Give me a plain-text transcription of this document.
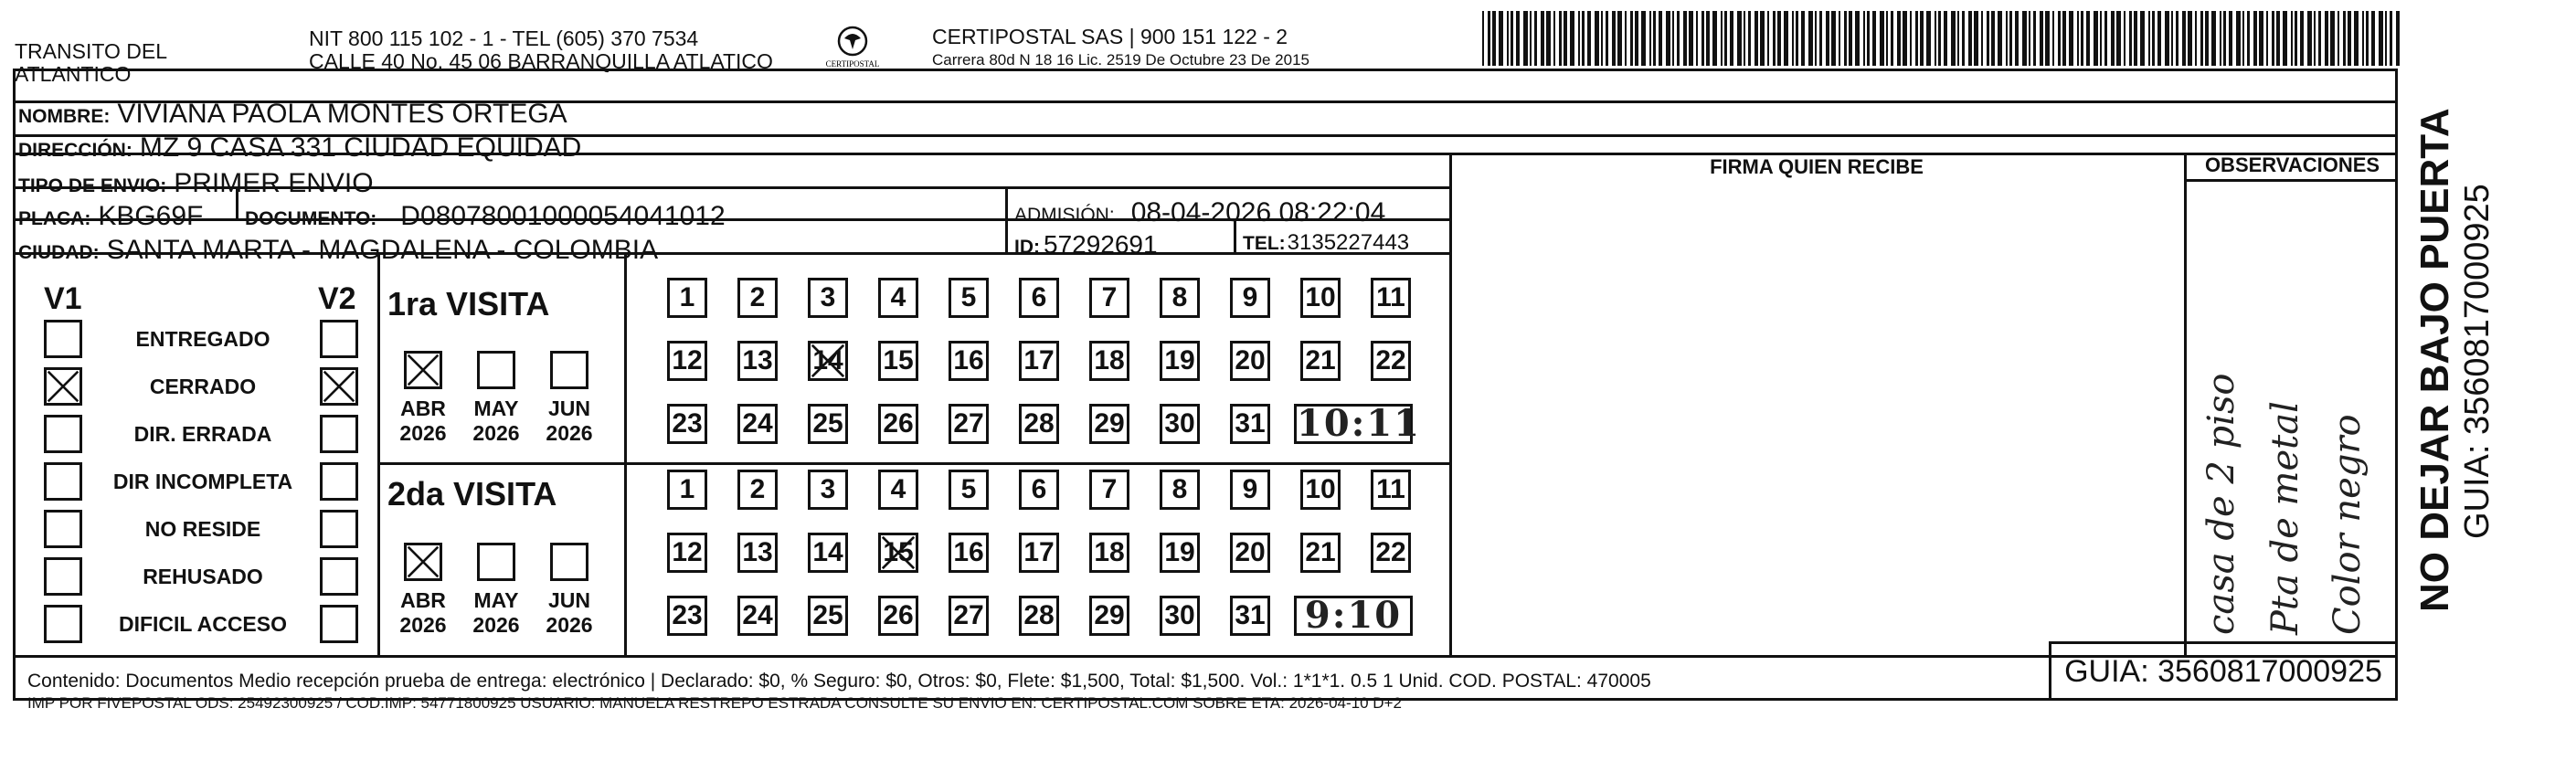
TRANSITO DEL
ATLANTICO
NIT 800 115 102 - 1 - TEL (605) 370 7534
CALLE 40 No. 45 06 BARRANQUILLA ATLATICO	CERTIPOSTAL
CERTIPOSTAL SAS | 900 151 122 - 2
Carrera 80d N 18 16 Lic. 2519 De Octubre 23 De 2015
NOMBRE: VIVIANA PAOLA MONTES ORTEGA
DIRECCIÓN: MZ 9 CASA 331 CIUDAD EQUIDAD
TIPO DE ENVIO: PRIMER ENVIO
PLACA: KBG69F DOCUMENTO: D08078001000054041012	ADMISIÓN: 08-04-2026 08:22:04
CIUDAD: SANTA MARTA - MAGDALENA - COLOMBIA	ID: 57292691	TEL: 3135227443
FIRMA QUIEN RECIBE	OBSERVACIONES
casa de 2 piso Pta de metal Color negro
V1	V2
ENTREGADO
CERRADO
DIR. ERRADA
DIR INCOMPLETA
NO RESIDE
REHUSADO
DIFICIL ACCESO
1ra VISITA
2da VISITA
ABR
2026
MAY
2026
JUN
2026
ABR
2026
MAY
2026
JUN
2026
1	2	3	4	5	6	7	8	9	10 11
12 13 14 15 16 17 18 19 20 21 22
23 24 25 26 27 28 29 30 31
1	2	3	4	5	6	7	8	9	10 11
12 13 14 15 16 17 18 19 20 21 22
23 24 25 26 27 28 29 30 31
10:11
9:10
Contenido: Documentos Medio recepción prueba de entrega: electrónico | Declarado: $0, % Seguro: $0, Otros: $0, Flete: $1,500, Total: $1,500. Vol.: 1*1*1. 0.5 1 Unid. COD. POSTAL: 470005
IMP POR FIVEPOSTAL ODS: 25492300925 / COD.IMP: 54771800925 USUARIO: MANUELA RESTREPO ESTRADA CONSULTE SU ENVIO EN: CERTIPOSTAL.COM SOBRE ETA: 2026-04-10 D+2
GUIA: 3560817000925
NO DEJAR BAJO PUERTA GUIA: 3560817000925
